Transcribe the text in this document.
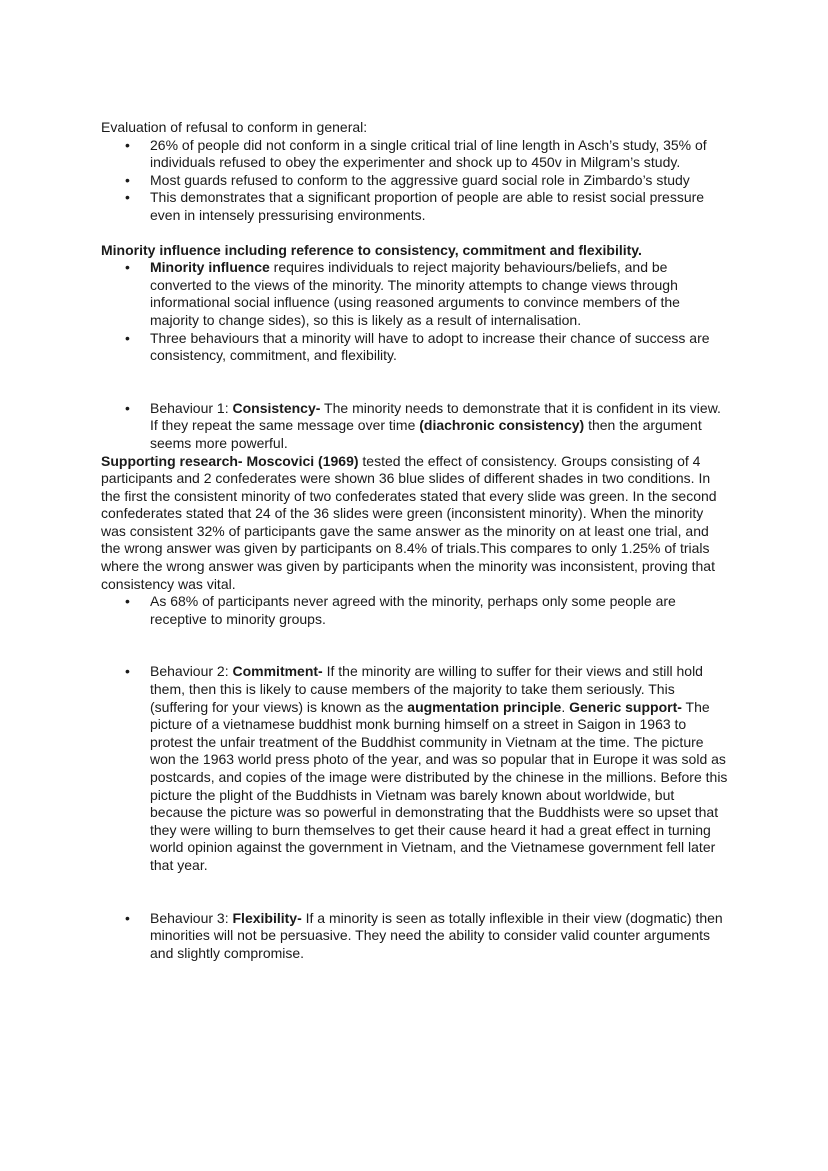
Evaluation of refusal to conform in general:

• 26% of people did not conform in a single critical trial of line length in Asch’s study, 35% of individuals refused to obey the experimenter and shock up to 450v in Milgram’s study.
• Most guards refused to conform to the aggressive guard social role in Zimbardo’s study
• This demonstrates that a significant proportion of people are able to resist social pressure even in intensely pressurising environments.

Minority influence including reference to consistency, commitment and flexibility.

• Minority influence requires individuals to reject majority behaviours/beliefs, and be converted to the views of the minority. The minority attempts to change views through informational social influence (using reasoned arguments to convince members of the majority to change sides), so this is likely as a result of internalisation.
• Three behaviours that a minority will have to adopt to increase their chance of success are consistency, commitment, and flexibility.
• Behaviour 1: Consistency- The minority needs to demonstrate that it is confident in its view. If they repeat the same message over time (diachronic consistency) then the argument seems more powerful.

Supporting research- Moscovici (1969) tested the effect of consistency. Groups consisting of 4 participants and 2 confederates were shown 36 blue slides of different shades in two conditions. In the first the consistent minority of two confederates stated that every slide was green. In the second confederates stated that 24 of the 36 slides were green (inconsistent minority). When the minority was consistent 32% of participants gave the same answer as the minority on at least one trial, and the wrong answer was given by participants on 8.4% of trials.This compares to only 1.25% of trials where the wrong answer was given by participants when the minority was inconsistent, proving that consistency was vital.

• As 68% of participants never agreed with the minority, perhaps only some people are receptive to minority groups.
• Behaviour 2: Commitment- If the minority are willing to suffer for their views and still hold them, then this is likely to cause members of the majority to take them seriously. This (suffering for your views) is known as the augmentation principle. Generic support- The picture of a vietnamese buddhist monk burning himself on a street in Saigon in 1963 to protest the unfair treatment of the Buddhist community in Vietnam at the time. The picture won the 1963 world press photo of the year, and was so popular that in Europe it was sold as postcards, and copies of the image were distributed by the chinese in the millions. Before this picture the plight of the Buddhists in Vietnam was barely known about worldwide, but because the picture was so powerful in demonstrating that the Buddhists were so upset that they were willing to burn themselves to get their cause heard it had a great effect in turning world opinion against the government in Vietnam, and the Vietnamese government fell later that year.
• Behaviour 3: Flexibility- If a minority is seen as totally inflexible in their view (dogmatic) then minorities will not be persuasive. They need the ability to consider valid counter arguments and slightly compromise.
